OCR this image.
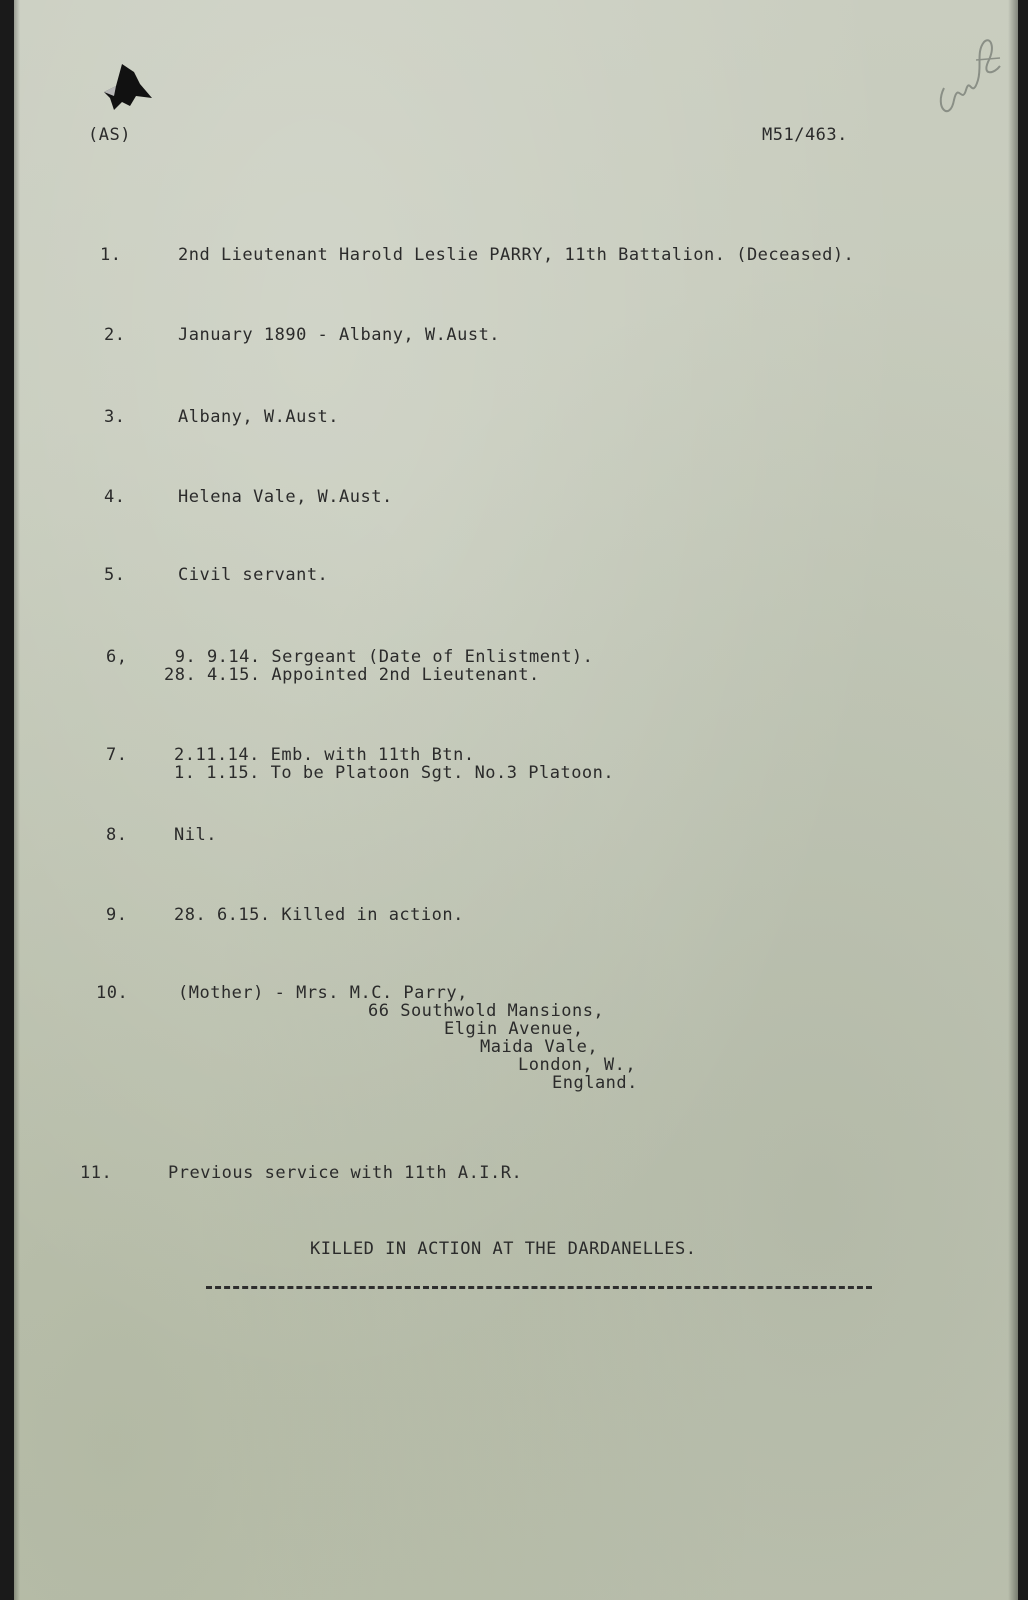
(AS)	M51/463.
1.	2nd Lieutenant Harold Leslie PARRY, 11th Battalion. (Deceased).
2.	January 1890 - Albany, W.Aust.
3.	Albany, W.Aust.
4.	Helena Vale, W.Aust.
5.	Civil servant.
6, 9. 9.14. Sergeant (Date of Enlistment).
28. 4.15. Appointed 2nd Lieutenant.
7.	2.11.14. Emb. with 11th Btn.
1. 1.15. To be Platoon Sgt. No.3 Platoon.
8.	Nil.
9.	28. 6.15. Killed in action.
10.	(Mother) - Mrs. M.C. Parry,
66 Southwold Mansions,
Elgin Avenue,
Maida Vale,
London, W.,
England.
11.	Previous service with 11th A.I.R.
KILLED IN ACTION AT THE DARDANELLES.
